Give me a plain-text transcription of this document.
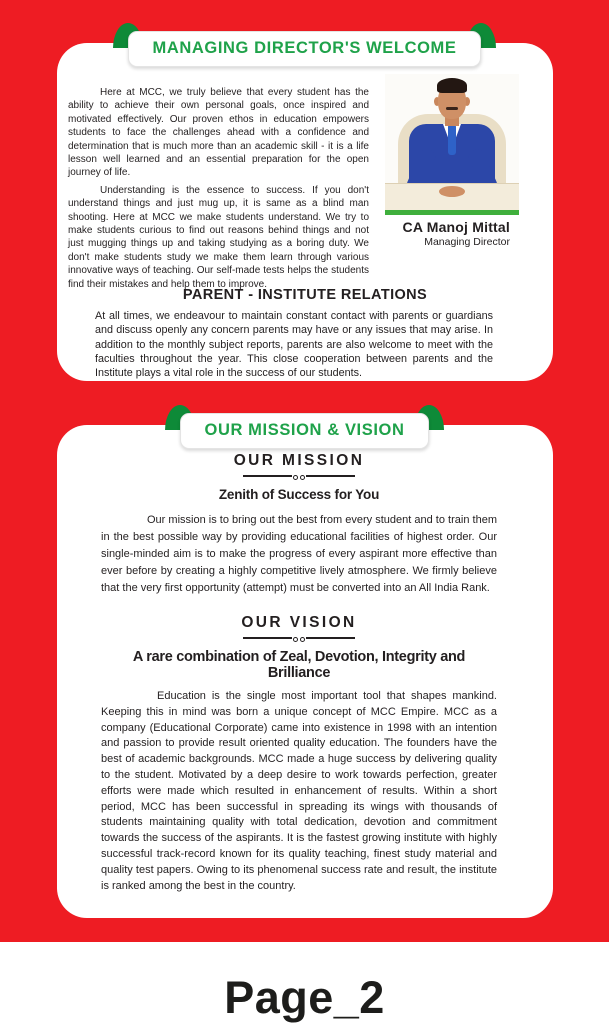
Here at MCC, we truly believe that every student has the ability to achieve their own personal goals, once inspired and motivated effectively. Our proven ethos in education empowers students to face the challenges ahead with a confidence and determination that is much more than an academic skill - it is a life lesson well learned and an essential preparation for the open journey of life.

Understanding is the essence to success. If you don't understand things and just mug up, it is same as a blind man shooting. Here at MCC we make students understand. We try to make students curious to find out reasons behind things and not just mugging things up and taking studying as a boring duty. We don't make students study we make them learn through various innovative ways of teaching. Our self-made tests helps the students find their mistakes and help them to improve.

CA Manoj Mittal
Managing Director
PARENT - INSTITUTE RELATIONS

At all times, we endeavour to maintain constant contact with parents or guardians and discuss openly any concern parents may have or any issues that may arise. In addition to the monthly subject reports, parents are also welcome to meet with the faculties throughout the year. This close cooperation between parents and the Institute plays a vital role in the success of our students.

MANAGING DIRECTOR'S WELCOME
OUR MISSION
Zenith of Success for You

Our mission is to bring out the best from every student and to train them in the best possible way by providing educational facilities of highest order. Our single-minded aim is to make the progress of every aspirant more effective than ever before by creating a highly competitive lively atmosphere. We firmly believe that the very first opportunity (attempt) must be converted into an All India Rank.

OUR VISION
A rare combination of Zeal, Devotion, Integrity and Brilliance

Education is the single most important tool that shapes mankind. Keeping this in mind was born a unique concept of MCC Empire. MCC as a company (Educational Corporate) came into existence in 1998 with an intention and passion to provide result oriented quality education. The founders have the best of academic backgrounds. MCC made a huge success by delivering quality to the student. Motivated by a deep desire to work towards perfection, greater efforts were made which resulted in enhancement of results. Within a short period, MCC has been successful in spreading its wings with thousands of students maintaining quality with total dedication, devotion and commitment towards the success of the aspirants. It is the fastest growing institute with highly successful track-record known for its quality teaching, finest study material and quality test papers. Owing to its phenomenal success rate and result, the institute is ranked among the best in the country.

OUR MISSION & VISION
Page_2
